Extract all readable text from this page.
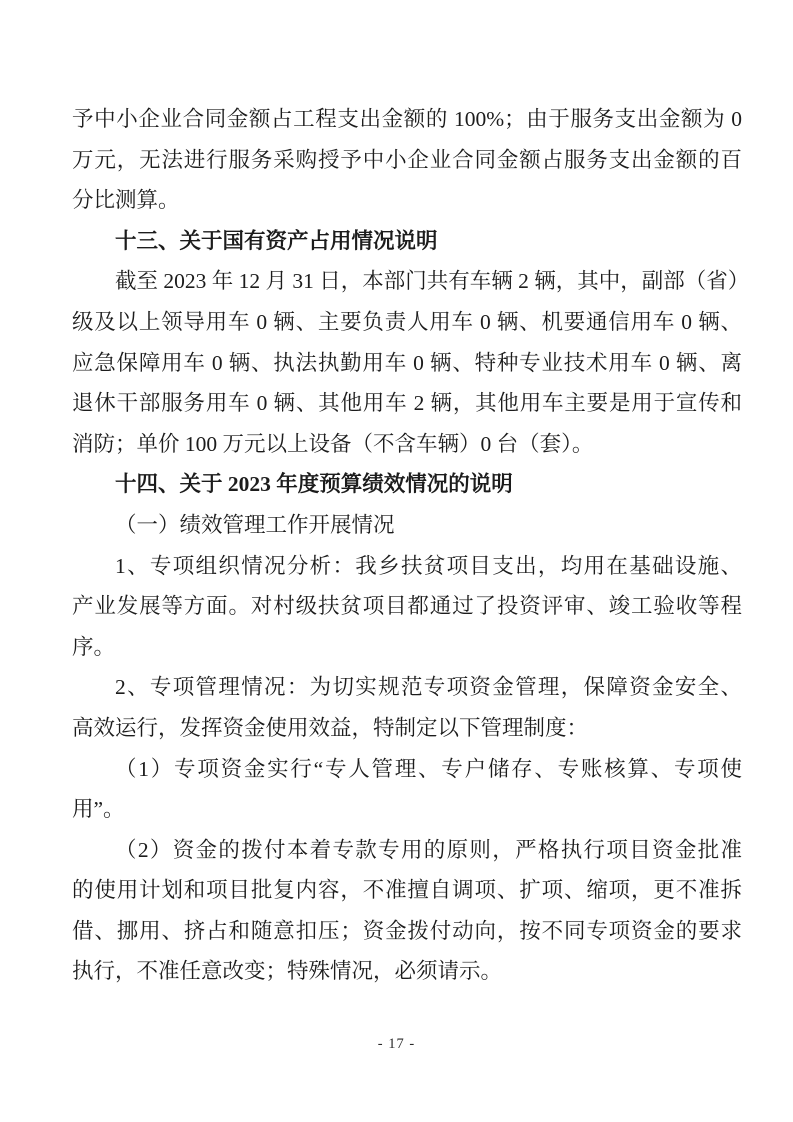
予中小企业合同金额占工程支出金额的 100%；由于服务支出金额为 0
万元，无法进行服务采购授予中小企业合同金额占服务支出金额的百
分比测算。
十三、关于国有资产占用情况说明
截至 2023 年 12 月 31 日，本部门共有车辆 2 辆，其中，副部（省）
级及以上领导用车 0 辆、主要负责人用车 0 辆、机要通信用车 0 辆、
应急保障用车 0 辆、执法执勤用车 0 辆、特种专业技术用车 0 辆、离
退休干部服务用车 0 辆、其他用车 2 辆，其他用车主要是用于宣传和
消防；单价 100 万元以上设备（不含车辆）0 台（套）。
十四、关于 2023 年度预算绩效情况的说明
（一）绩效管理工作开展情况
1、专项组织情况分析：我乡扶贫项目支出，均用在基础设施、
产业发展等方面。对村级扶贫项目都通过了投资评审、竣工验收等程
序。
2、专项管理情况：为切实规范专项资金管理，保障资金安全、
高效运行，发挥资金使用效益，特制定以下管理制度：
（1）专项资金实行“专人管理、专户储存、专账核算、专项使
用”。
（2）资金的拨付本着专款专用的原则，严格执行项目资金批准
的使用计划和项目批复内容，不准擅自调项、扩项、缩项，更不准拆
借、挪用、挤占和随意扣压；资金拨付动向，按不同专项资金的要求
执行，不准任意改变；特殊情况，必须请示。
- 17 -
